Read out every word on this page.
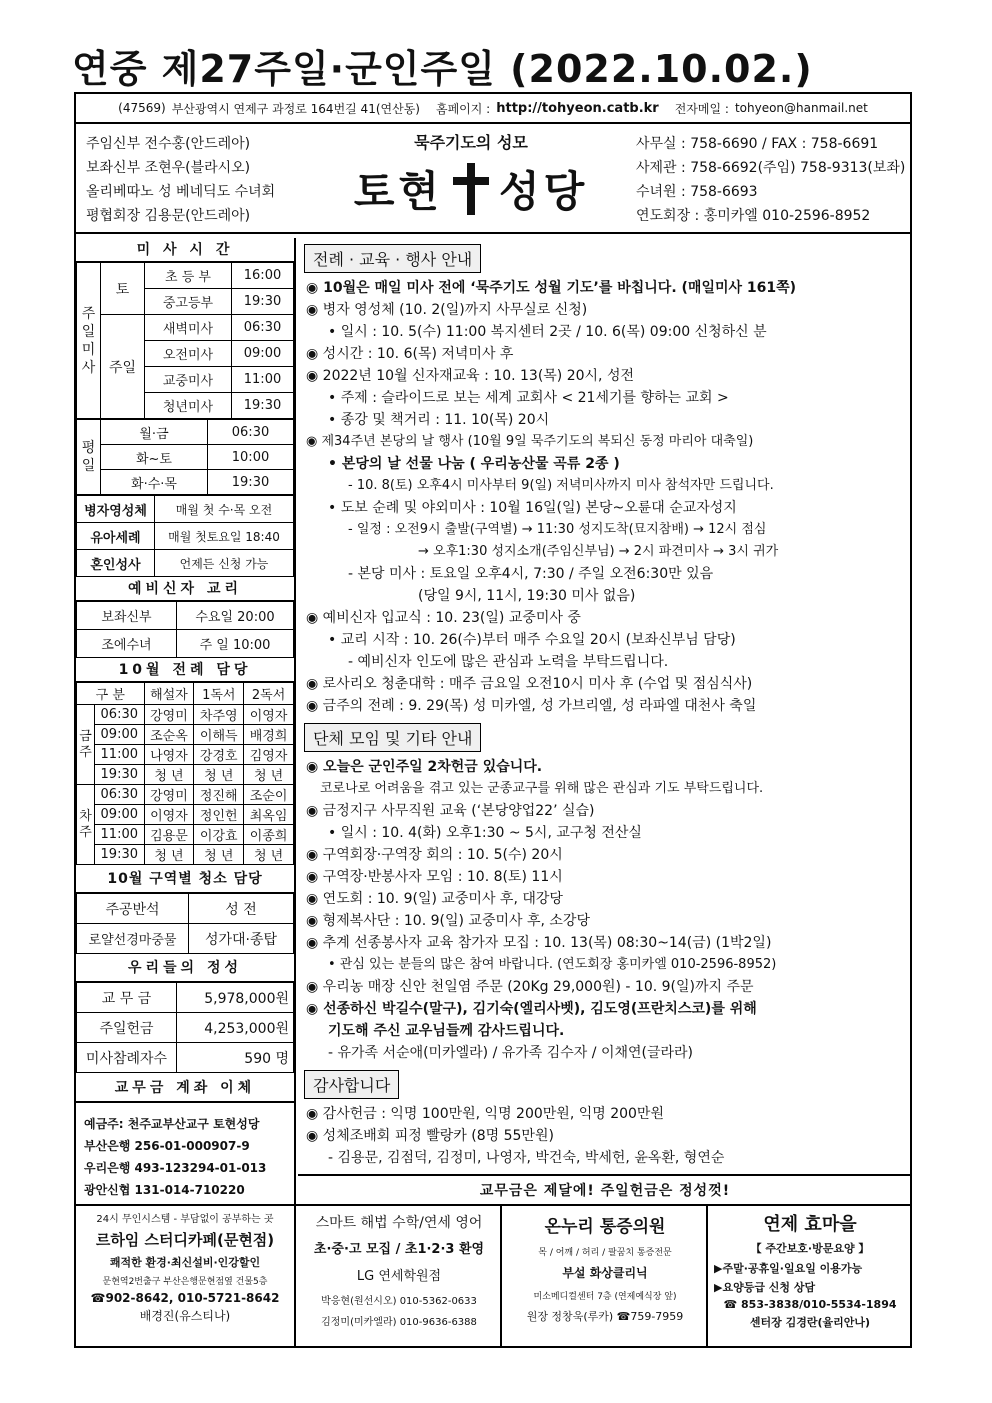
연중 제27주일·군인주일 (2022.10.02.)
(47569) 부산광역시 연제구 과정로 164번길 41(연산동) 홈페이지 : http://tohyeon.catb.kr 전자메일 : tohyeon@hanmail.net
주임신부 전수홍(안드레아)
보좌신부 조현우(블라시오)
올리베따노 성 베네딕도 수녀회
평협회장 김용문(안드레아)
묵주기도의 성모
토현 성당
사무실 : 758-6690 / FAX : 758-6691
사제관 : 758-6692(주임) 758-9313(보좌)
수녀원 : 758-6693
연도회장 : 홍미카엘 010-2596-8952
미 사 시 간
주일미사	토	초 등 부	16:00
		중고등부	19:30
	주일	새벽미사	06:30
		오전미사	09:00
		교중미사	11:00
		청년미사	19:30
평일	월·금	06:30
	화~토	10:00
	화·수·목	19:30
병자영성체	매월 첫 수·목 오전
유아세례	매월 첫토요일 18:40
혼인성사	언제든 신청 가능
예비신자 교리
보좌신부	수요일 20:00
조에수녀	주 일 10:00
10월 전례 담당
구 분		해설자	1독서	2독서
금주	06:30	강영미	차주영	이영자
	09:00	조순옥	이해득	배경희
	11:00	나영자	강경호	김영자
	19:30	청 년	청 년	청 년
차주	06:30	강영미	정진해	조순이
	09:00	이영자	정인헌	최옥임
	11:00	김용문	이강효	이종희
	19:30	청 년	청 년	청 년
10월 구역별 청소 담당
주공반석	성 전
로얄선경마중물	성가대·종탑
우리들의 정성
교 무 금	5,978,000원
주일헌금	4,253,000원
미사참례자수	590 명
교무금 계좌 이체
예금주: 천주교부산교구 토현성당
부산은행 256-01-000907-9
우리은행 493-123294-01-013
광안신협 131-014-710220
전례 · 교육 · 행사 안내
◉ 10월은 매일 미사 전에 ‘묵주기도 성월 기도’를 바칩니다. (매일미사 161쪽)
◉ 병자 영성체 (10. 2(일)까지 사무실로 신청)
• 일시 : 10. 5(수) 11:00 복지센터 2곳 / 10. 6(목) 09:00 신청하신 분
◉ 성시간 : 10. 6(목) 저녁미사 후
◉ 2022년 10월 신자재교육 : 10. 13(목) 20시, 성전
• 주제 : 슬라이드로 보는 세계 교회사 < 21세기를 향하는 교회 >
• 종강 및 책거리 : 11. 10(목) 20시
◉ 제34주년 본당의 날 행사 (10월 9일 묵주기도의 복되신 동정 마리아 대축일)
• 본당의 날 선물 나눔 ( 우리농산물 곡류 2종 )
- 10. 8(토) 오후4시 미사부터 9(일) 저녁미사까지 미사 참석자만 드립니다.
• 도보 순례 및 야외미사 : 10월 16일(일) 본당~오륜대 순교자성지
- 일정 : 오전9시 출발(구역별) → 11:30 성지도착(묘지참배) → 12시 점심
→ 오후1:30 성지소개(주임신부님) → 2시 파견미사 → 3시 귀가
- 본당 미사 : 토요일 오후4시, 7:30 / 주일 오전6:30만 있음
(당일 9시, 11시, 19:30 미사 없음)
◉ 예비신자 입교식 : 10. 23(일) 교중미사 중
• 교리 시작 : 10. 26(수)부터 매주 수요일 20시 (보좌신부님 담당)
- 예비신자 인도에 많은 관심과 노력을 부탁드립니다.
◉ 로사리오 청춘대학 : 매주 금요일 오전10시 미사 후 (수업 및 점심식사)
◉ 금주의 전례 : 9. 29(목) 성 미카엘, 성 가브리엘, 성 라파엘 대천사 축일
단체 모임 및 기타 안내
◉ 오늘은 군인주일 2차헌금 있습니다.
코로나로 어려움을 겪고 있는 군종교구를 위해 많은 관심과 기도 부탁드립니다.
◉ 금정지구 사무직원 교육 (‘본당양업22’ 실습)
• 일시 : 10. 4(화) 오후1:30 ~ 5시, 교구청 전산실
◉ 구역회장·구역장 회의 : 10. 5(수) 20시
◉ 구역장·반봉사자 모임 : 10. 8(토) 11시
◉ 연도회 : 10. 9(일) 교중미사 후, 대강당
◉ 형제복사단 : 10. 9(일) 교중미사 후, 소강당
◉ 추계 선종봉사자 교육 참가자 모집 : 10. 13(목) 08:30~14(금) (1박2일)
• 관심 있는 분들의 많은 참여 바랍니다. (연도회장 홍미카엘 010-2596-8952)
◉ 우리농 매장 신안 천일염 주문 (20Kg 29,000원) - 10. 9(일)까지 주문
◉ 선종하신 박길수(말구), 김기숙(엘리사벳), 김도영(프란치스코)를 위해
기도해 주신 교우님들께 감사드립니다.
- 유가족 서순애(미카엘라) / 유가족 김수자 / 이채연(글라라)
감사합니다
◉ 감사헌금 : 익명 100만원, 익명 200만원, 익명 200만원
◉ 성체조배회 피정 빨랑카 (8명 55만원)
- 김용문, 김점덕, 김정미, 나영자, 박건숙, 박세헌, 윤옥환, 형연순
교무금은 제달에! 주일헌금은 정성껏!
24시 무인시스템 - 부담없이 공부하는 곳
르하임 스터디카페(문현점)
쾌적한 환경·최신설비·인강할인
문현역2번출구 부산은행문현점옆 건물5층
☎902-8642, 010-5721-8642
배경진(유스티나)
스마트 해법 수학/연세 영어
초·중·고 모집 / 초1·2·3 환영
LG 연세학원점
박응현(원선시오) 010-5362-0633
김정미(미카엘라) 010-9636-6388
온누리 통증의원
목 / 어깨 / 허리 / 팔꿈치 통증전문
부설 화상클리닉
미소메디컬센터 7층 (연제예식장 앞)
원장 정창욱(루카) ☎759-7959
연제 효마을
【 주간보호·방문요양 】
▶주말·공휴일·일요일 이용가능
▶요양등급 신청 상담
☎ 853-3838/010-5534-1894
센터장 김경란(율리안나)
